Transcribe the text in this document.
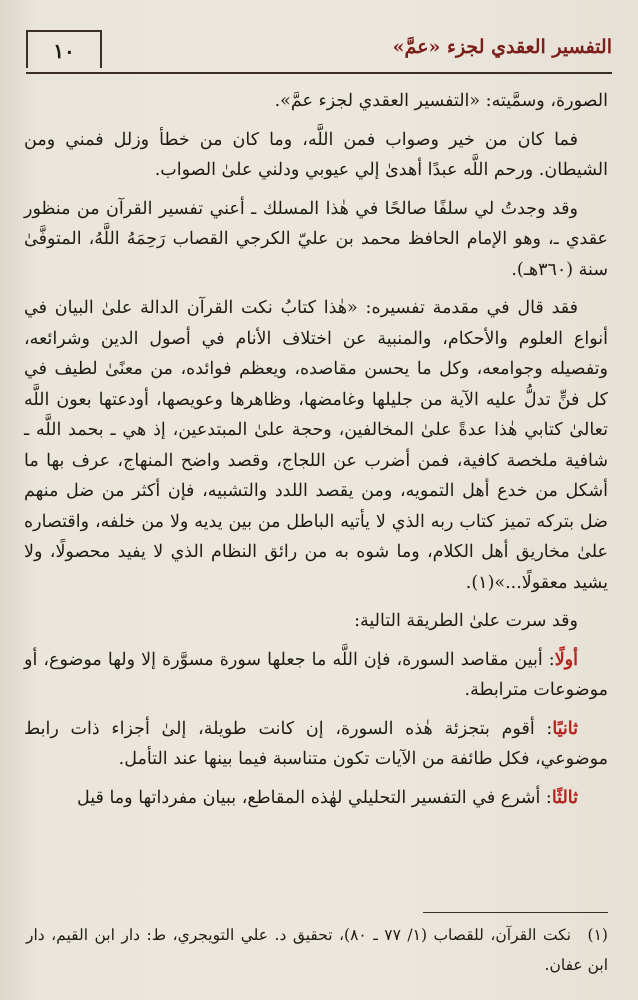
التفسير العقدي لجزء «عمَّ»
١٠

الصورة، وسمَّيته: «التفسير العقدي لجزء عمَّ».

فما كان من خير وصواب فمن اللَّه، وما كان من خطأ وزلل فمني ومن الشيطان. ورحم اللَّه عبدًا أهدىٰ إلي عيوبي ودلني علىٰ الصواب.

وقد وجدتُ لي سلفًا صالحًا في هٰذا المسلك ـ أعني تفسير القرآن من منظور عقدي ـ، وهو الإمام الحافظ محمد بن عليّ الكرجي القصاب رَحِمَهُ اللَّهُ، المتوفَّىٰ سنة (٣٦٠هـ).

فقد قال في مقدمة تفسيره: «هٰذا كتابُ نكت القرآن الدالة علىٰ البيان في أنواع العلوم والأحكام، والمنبية عن اختلاف الأنام في أصول الدين وشرائعه، وتفصيله وجوامعه، وكل ما يحسن مقاصده، ويعظم فوائده، من معنًىٰ لطيف في كل فنٍّ تدلُّ عليه الآية من جليلها وغامضها، وظاهرها وعويصها، أودعتها بعون اللَّه تعالىٰ كتابي هٰذا عدةً علىٰ المخالفين، وحجة علىٰ المبتدعين، إذ هي ـ بحمد اللَّه ـ شافية ملخصة كافية، فمن أضرب عن اللجاج، وقصد واضح المنهاج، عرف بها ما أشكل من خدع أهل التمويه، ومن يقصد اللدد والتشبيه، فإن أكثر من ضل منهم ضل بتركه تميز كتاب ربه الذي لا يأتيه الباطل من بين يديه ولا من خلفه، واقتصاره علىٰ مخاريق أهل الكلام، وما شوه به من رائق النظام الذي لا يفيد محصولًا، ولا يشيد معقولًا...»(١).

وقد سرت علىٰ الطريقة التالية:

أولًا: أبين مقاصد السورة، فإن اللَّه ما جعلها سورة مسوَّرة إلا ولها موضوع، أو موضوعات مترابطة.

ثانيًا: أقوم بتجزئة هٰذه السورة، إن كانت طويلة، إلىٰ أجزاء ذات رابط موضوعي، فكل طائفة من الآيات تكون متناسبة فيما بينها عند التأمل.

ثالثًا: أشرع في التفسير التحليلي لهٰذه المقاطع، ببيان مفرداتها وما قيل

(١) نكت القرآن، للقصاب (١/ ٧٧ ـ ٨٠)، تحقيق د. علي التويجري، ط: دار ابن القيم، دار ابن عفان.
